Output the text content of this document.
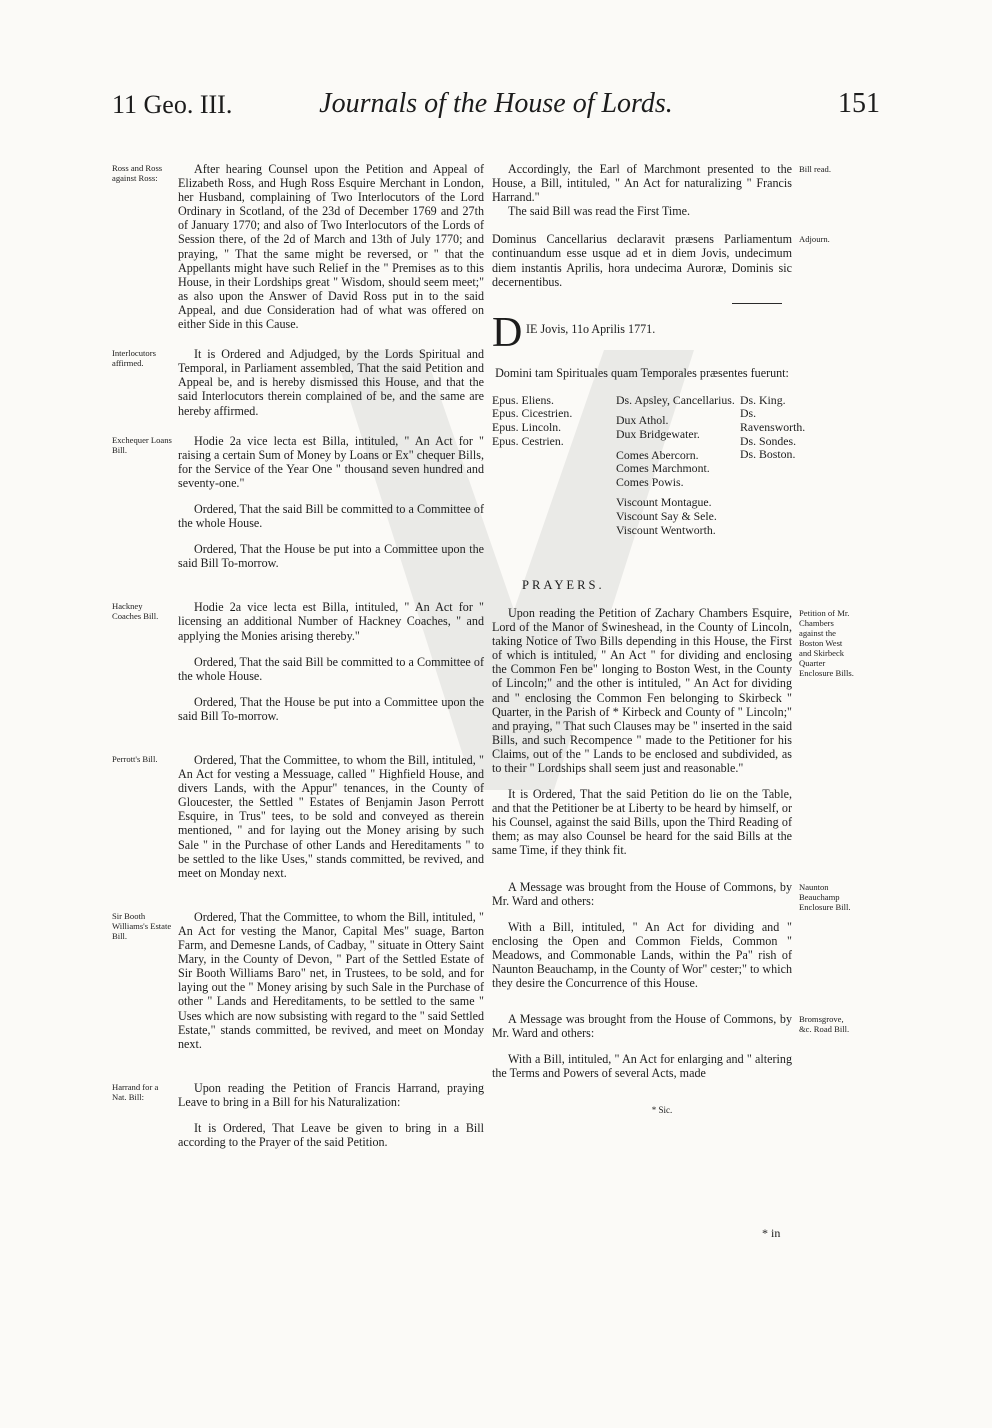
11 Geo. III.	Journals of the House of Lords.	151
Ross and Ross against Ross:

After hearing Counsel upon the Petition and Appeal of Elizabeth Ross, and Hugh Ross Esquire Merchant in London, her Husband, complaining of Two Interlocutors of the Lord Ordinary in Scotland, of the 23d of December 1769 and 27th of January 1770; and also of Two Interlocutors of the Lords of Session there, of the 2d of March and 13th of July 1770; and praying, " That the same might be reversed, or " that the Appellants might have such Relief in the " Premises as to this House, in their Lordships great " Wisdom, should seem meet;" as also upon the Answer of David Ross put in to the said Appeal, and due Consideration had of what was offered on either Side in this Cause.

Interlocutors affirmed.

It is Ordered and Adjudged, by the Lords Spiritual and Temporal, in Parliament assembled, That the said Petition and Appeal be, and is hereby dismissed this House, and that the said Interlocutors therein complained of be, and the same are hereby affirmed.

Exchequer Loans Bill.

Hodie 2a vice lecta est Billa, intituled, " An Act for " raising a certain Sum of Money by Loans or Ex" chequer Bills, for the Service of the Year One " thousand seven hundred and seventy-one."

Ordered, That the said Bill be committed to a Committee of the whole House.

Ordered, That the House be put into a Committee upon the said Bill To-morrow.

Hackney Coaches Bill.

Hodie 2a vice lecta est Billa, intituled, " An Act for " licensing an additional Number of Hackney Coaches, " and applying the Monies arising thereby."

Ordered, That the said Bill be committed to a Committee of the whole House.

Ordered, That the House be put into a Committee upon the said Bill To-morrow.

Perrott's Bill.	Ordered, That the Committee, to whom the Bill, intituled, " An Act for vesting a Messuage, called " Highfield House, and divers Lands, with the Appur" tenances, in the County of Gloucester, the Settled " Estates of Benjamin Jason Perrott Esquire, in Trus" tees, to be sold and conveyed as therein mentioned, " and for laying out the Money arising by such Sale " in the Purchase of other Lands and Hereditaments " to be settled to the like Uses," stands committed, be revived, and meet on Monday next.

Sir Booth Williams's Estate Bill.

Ordered, That the Committee, to whom the Bill, intituled, " An Act for vesting the Manor, Capital Mes" suage, Barton Farm, and Demesne Lands, of Cadbay, " situate in Ottery Saint Mary, in the County of Devon, " Part of the Settled Estate of Sir Booth Williams Baro" net, in Trustees, to be sold, and for laying out the " Money arising by such Sale in the Purchase of other " Lands and Hereditaments, to be settled to the same " Uses which are now subsisting with regard to the " said Settled Estate," stands committed, be revived, and meet on Monday next.

Harrand for a Nat. Bill:

Upon reading the Petition of Francis Harrand, praying Leave to bring in a Bill for his Naturalization:

It is Ordered, That Leave be given to bring in a Bill according to the Prayer of the said Petition.

Bill read.

Accordingly, the Earl of Marchmont presented to the House, a Bill, intituled, " An Act for naturalizing " Francis Harrand."

The said Bill was read the First Time.

Adjourn.

Dominus Cancellarius declaravit præsens Parliamentum continuandum esse usque ad et in diem Jovis, undecimum diem instantis Aprilis, hora undecima Auroræ, Dominis sic decernentibus.

D IE Jovis, 11o Aprilis 1771.

Domini tam Spirituales quam Temporales præsentes fuerunt:

Epus. Eliens.
Epus. Cicestrien.
Epus. Lincoln.
Epus. Cestrien.
Ds. Apsley, Cancellarius.
Dux Athol.
Dux Bridgewater.
Comes Abercorn.
Comes Marchmont.
Comes Powis.
Viscount Montague.
Viscount Say & Sele.
Viscount Wentworth.
Ds. King.
Ds. Ravensworth.
Ds. Sondes.
Ds. Boston.
PRAYERS.
Petition of Mr. Chambers against the Boston West and Skirbeck Quarter Enclosure Bills.

Upon reading the Petition of Zachary Chambers Esquire, Lord of the Manor of Swineshead, in the County of Lincoln, taking Notice of Two Bills depending in this House, the First of which is intituled, " An Act " for dividing and enclosing the Common Fen be" longing to Boston West, in the County of Lincoln;" and the other is intituled, " An Act for dividing and " enclosing the Common Fen belonging to Skirbeck " Quarter, in the Parish of * Kirbeck and County of " Lincoln;" and praying, " That such Clauses may be " inserted in the said Bills, and such Recompence " made to the Petitioner for his Claims, out of the " Lands to be enclosed and subdivided, as to their " Lordships shall seem just and reasonable."

It is Ordered, That the said Petition do lie on the Table, and that the Petitioner be at Liberty to be heard by himself, or his Counsel, against the said Bills, upon the Third Reading of them; as may also Counsel be heard for the said Bills at the same Time, if they think fit.

Naunton Beauchamp Enclosure Bill.

A Message was brought from the House of Commons, by Mr. Ward and others:

With a Bill, intituled, " An Act for dividing and " enclosing the Open and Common Fields, Common " Meadows, and Commonable Lands, within the Pa" rish of Naunton Beauchamp, in the County of Wor" cester;" to which they desire the Concurrence of this House.

Bromsgrove, &c. Road Bill.

A Message was brought from the House of Commons, by Mr. Ward and others:

With a Bill, intituled, " An Act for enlarging and " altering the Terms and Powers of several Acts, made

* Sic.
* in
